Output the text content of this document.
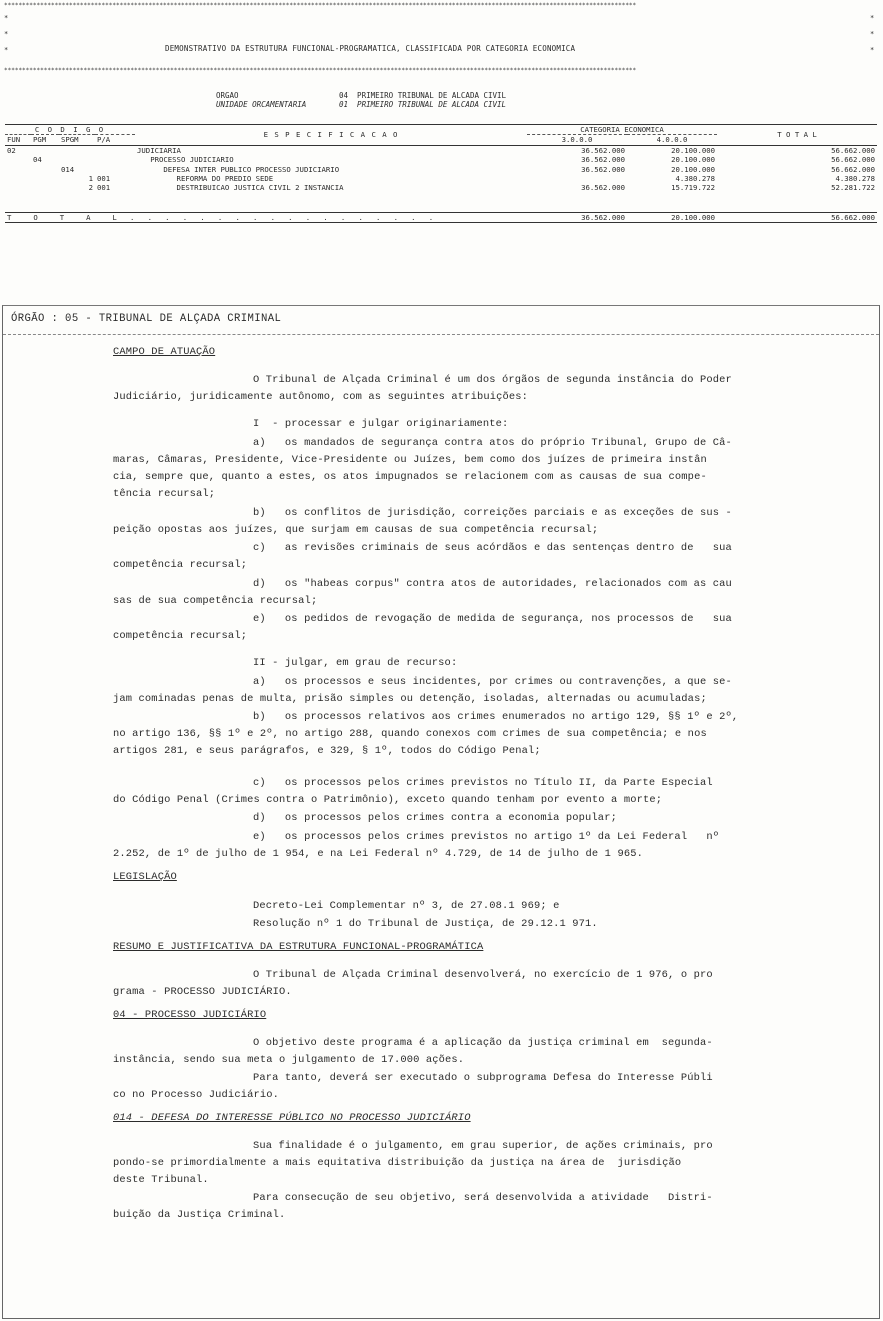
*******************************************************************************************************************************************************************************
*
*
*
*
*
*
DEMONSTRATIVO DA ESTRUTURA FUNCIONAL-PROGRAMATICA, CLASSIFICADA POR CATEGORIA ECONOMICA
*******************************************************************************************************************************************************************************
ORGAO	04  PRIMEIRO TRIBUNAL DE ALCADA CIVIL
UNIDADE ORCAMENTARIA	01  PRIMEIRO TRIBUNAL DE ALCADA CIVIL
C O D I G O				E S P E C I F I C A C A O	CATEGORIA ECONOMICA		T O T A L
FUN	PGM	SPGM	P/A		3.0.0.0	4.0.0.0	
02				JUDICIARIA	36.562.000	20.100.000	56.662.000
	04			PROCESSO JUDICIARIO	36.562.000	20.100.000	56.662.000
		014		DEFESA INTER PUBLICO PROCESSO JUDICIARIO	36.562.000	20.100.000	56.662.000
		1	001	REFORMA DO PREDIO SEDE		4.380.278	4.380.278
		2	001	DESTRIBUICAO JUSTICA CIVIL 2 INSTANCIA	36.562.000	15.719.722	52.281.722

T     O     T     A     L   .   .   .   .   .   .   .   .   .   .   .   .   .   .   .   .   .   .					36.562.000	20.100.000	56.662.000
ÓRGÃO : 05 - TRIBUNAL DE ALÇADA CRIMINAL
CAMPO DE ATUAÇÃO
O Tribunal de Alçada Criminal é um dos órgãos de segunda instância do Poder
Judiciário, juridicamente autônomo, com as seguintes atribuições:
I  - processar e julgar originariamente:
a)   os mandados de segurança contra atos do próprio Tribunal, Grupo de Câ-
maras, Câmaras, Presidente, Vice-Presidente ou Juízes, bem como dos juízes de primeira instân
cia, sempre que, quanto a estes, os atos impugnados se relacionem com as causas de sua compe-
tência recursal;
b)   os conflitos de jurisdição, correições parciais e as exceções de sus -
peição opostas aos juízes, que surjam em causas de sua competência recursal;
c)   as revisões criminais de seus acórdãos e das sentenças dentro de   sua
competência recursal;
d)   os "habeas corpus" contra atos de autoridades, relacionados com as cau
sas de sua competência recursal;
e)   os pedidos de revogação de medida de segurança, nos processos de   sua
competência recursal;
II - julgar, em grau de recurso:
a)   os processos e seus incidentes, por crimes ou contravenções, a que se-
jam cominadas penas de multa, prisão simples ou detenção, isoladas, alternadas ou acumuladas;
b)   os processos relativos aos crimes enumerados no artigo 129, §§ 1º e 2º,
no artigo 136, §§ 1º e 2º, no artigo 288, quando conexos com crimes de sua competência; e nos
artigos 281, e seus parágrafos, e 329, § 1º, todos do Código Penal;
c)   os processos pelos crimes previstos no Título II, da Parte Especial
do Código Penal (Crimes contra o Patrimônio), exceto quando tenham por evento a morte;
d)   os processos pelos crimes contra a economia popular;
e)   os processos pelos crimes previstos no artigo 1º da Lei Federal   nº
2.252, de 1º de julho de 1 954, e na Lei Federal nº 4.729, de 14 de julho de 1 965.
LEGISLAÇÃO
Decreto-Lei Complementar nº 3, de 27.08.1 969; e
Resolução nº 1 do Tribunal de Justiça, de 29.12.1 971.
RESUMO E JUSTIFICATIVA DA ESTRUTURA FUNCIONAL-PROGRAMÁTICA
O Tribunal de Alçada Criminal desenvolverá, no exercício de 1 976, o pro
grama - PROCESSO JUDICIÁRIO.
04 - PROCESSO JUDICIÁRIO
O objetivo deste programa é a aplicação da justiça criminal em  segunda-
instância, sendo sua meta o julgamento de 17.000 ações.
Para tanto, deverá ser executado o subprograma Defesa do Interesse Públi
co no Processo Judiciário.
014 - DEFESA DO INTERESSE PÚBLICO NO PROCESSO JUDICIÁRIO
Sua finalidade é o julgamento, em grau superior, de ações criminais, pro
pondo-se primordialmente a mais equitativa distribuição da justiça na área de  jurisdição
deste Tribunal.
Para consecução de seu objetivo, será desenvolvida a atividade   Distri-
buição da Justiça Criminal.
